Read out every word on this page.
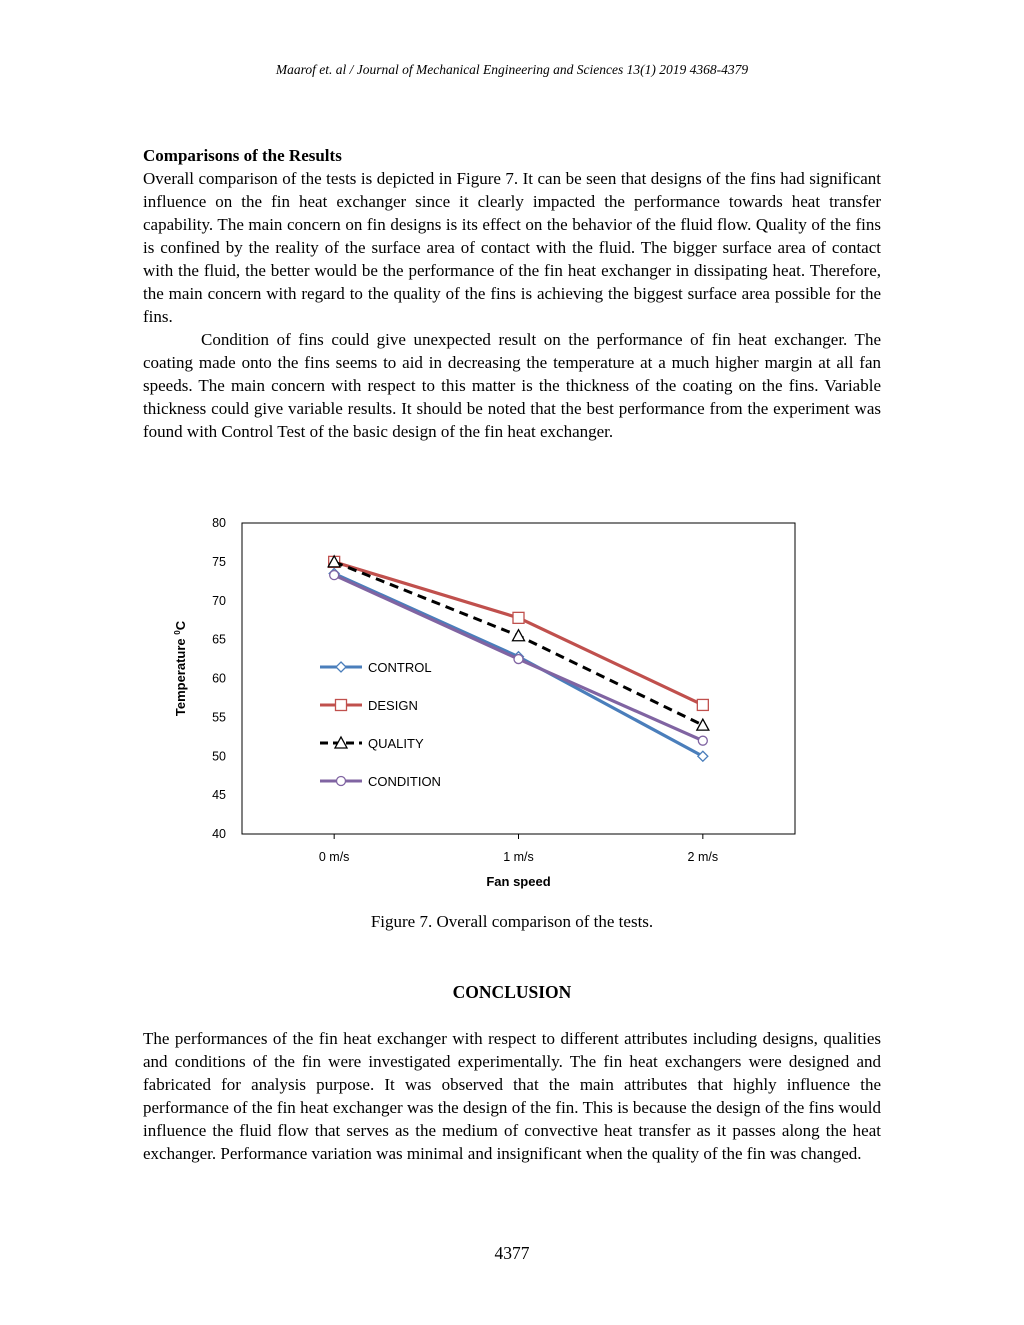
Maarof et. al / Journal of Mechanical Engineering and Sciences 13(1) 2019 4368-4379
Comparisons of the Results

Overall comparison of the tests is depicted in Figure 7. It can be seen that designs of the fins had significant influence on the fin heat exchanger since it clearly impacted the performance towards heat transfer capability. The main concern on fin designs is its effect on the behavior of the fluid flow. Quality of the fins is confined by the reality of the surface area of contact with the fluid. The bigger surface area of contact with the fluid, the better would be the performance of the fin heat exchanger in dissipating heat. Therefore, the main concern with regard to the quality of the fins is achieving the biggest surface area possible for the fins.

Condition of fins could give unexpected result on the performance of fin heat exchanger. The coating made onto the fins seems to aid in decreasing the temperature at a much higher margin at all fan speeds. The main concern with respect to this matter is the thickness of the coating on the fins. Variable thickness could give variable results. It should be noted that the best performance from the experiment was found with Control Test of the basic design of the fin heat exchanger.

40
45
50
55
60
65
70
75
80
0 m/s	1 m/s	2 m/s
Fan speed
Temperature $^0$C
CONTROL
DESIGN
QUALITY
CONDITION
Figure 7. Overall comparison of the tests.
CONCLUSION

The performances of the fin heat exchanger with respect to different attributes including designs, qualities and conditions of the fin were investigated experimentally. The fin heat exchangers were designed and fabricated for analysis purpose. It was observed that the main attributes that highly influence the performance of the fin heat exchanger was the design of the fin. This is because the design of the fins would influence the fluid flow that serves as the medium of convective heat transfer as it passes along the heat exchanger. Performance variation was minimal and insignificant when the quality of the fin was changed.

4377
